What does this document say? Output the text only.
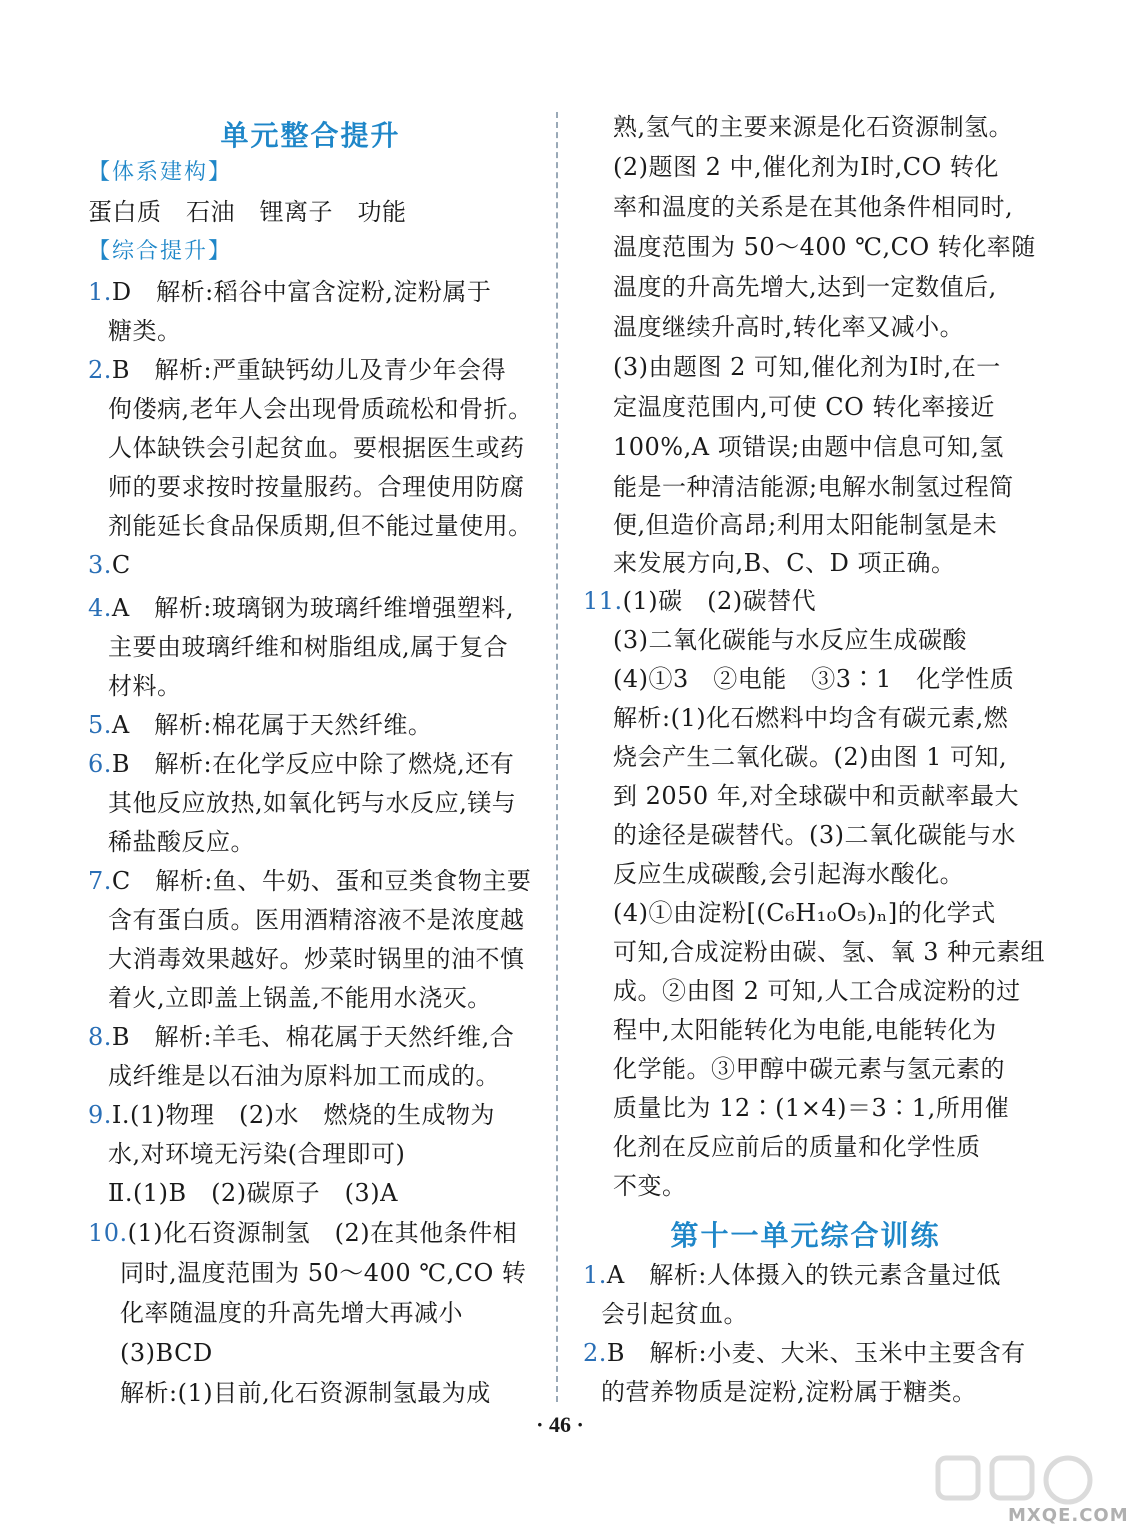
单元整合提升
【体系建构】
蛋白质　石油　锂离子　功能
【综合提升】
1.D　解析:稻谷中富含淀粉,淀粉属于
糖类。
2.B　解析:严重缺钙幼儿及青少年会得
佝偻病,老年人会出现骨质疏松和骨折。
人体缺铁会引起贫血。要根据医生或药
师的要求按时按量服药。合理使用防腐
剂能延长食品保质期,但不能过量使用。
3.C
4.A　解析:玻璃钢为玻璃纤维增强塑料,
主要由玻璃纤维和树脂组成,属于复合
材料。
5.A　解析:棉花属于天然纤维。
6.B　解析:在化学反应中除了燃烧,还有
其他反应放热,如氧化钙与水反应,镁与
稀盐酸反应。
7.C　解析:鱼、牛奶、蛋和豆类食物主要
含有蛋白质。医用酒精溶液不是浓度越
大消毒效果越好。炒菜时锅里的油不慎
着火,立即盖上锅盖,不能用水浇灭。
8.B　解析:羊毛、棉花属于天然纤维,合
成纤维是以石油为原料加工而成的。
9.Ⅰ.(1)物理　(2)水　燃烧的生成物为
水,对环境无污染(合理即可)
Ⅱ.(1)B　(2)碳原子　(3)A
10.(1)化石资源制氢　(2)在其他条件相
同时,温度范围为 50～400 ℃,CO 转
化率随温度的升高先增大再减小
(3)BCD
解析:(1)目前,化石资源制氢最为成
熟,氢气的主要来源是化石资源制氢。
(2)题图 2 中,催化剂为Ⅰ时,CO 转化
率和温度的关系是在其他条件相同时,
温度范围为 50～400 ℃,CO 转化率随
温度的升高先增大,达到一定数值后,
温度继续升高时,转化率又减小。
(3)由题图 2 可知,催化剂为Ⅰ时,在一
定温度范围内,可使 CO 转化率接近
100%,A 项错误;由题中信息可知,氢
能是一种清洁能源;电解水制氢过程简
便,但造价高昂;利用太阳能制氢是未
来发展方向,B、C、D 项正确。
11.(1)碳　(2)碳替代
(3)二氧化碳能与水反应生成碳酸
(4)①3　②电能　③3∶1　化学性质
解析:(1)化石燃料中均含有碳元素,燃
烧会产生二氧化碳。(2)由图 1 可知,
到 2050 年,对全球碳中和贡献率最大
的途径是碳替代。(3)二氧化碳能与水
反应生成碳酸,会引起海水酸化。
(4)①由淀粉[(C₆H₁₀O₅)ₙ]的化学式
可知,合成淀粉由碳、氢、氧 3 种元素组
成。②由图 2 可知,人工合成淀粉的过
程中,太阳能转化为电能,电能转化为
化学能。③甲醇中碳元素与氢元素的
质量比为 12∶(1×4)＝3∶1,所用催
化剂在反应前后的质量和化学性质
不变。
第十一单元综合训练
1.A　解析:人体摄入的铁元素含量过低
会引起贫血。
2.B　解析:小麦、大米、玉米中主要含有
的营养物质是淀粉,淀粉属于糖类。
· 46 ·
MXQE.COM
